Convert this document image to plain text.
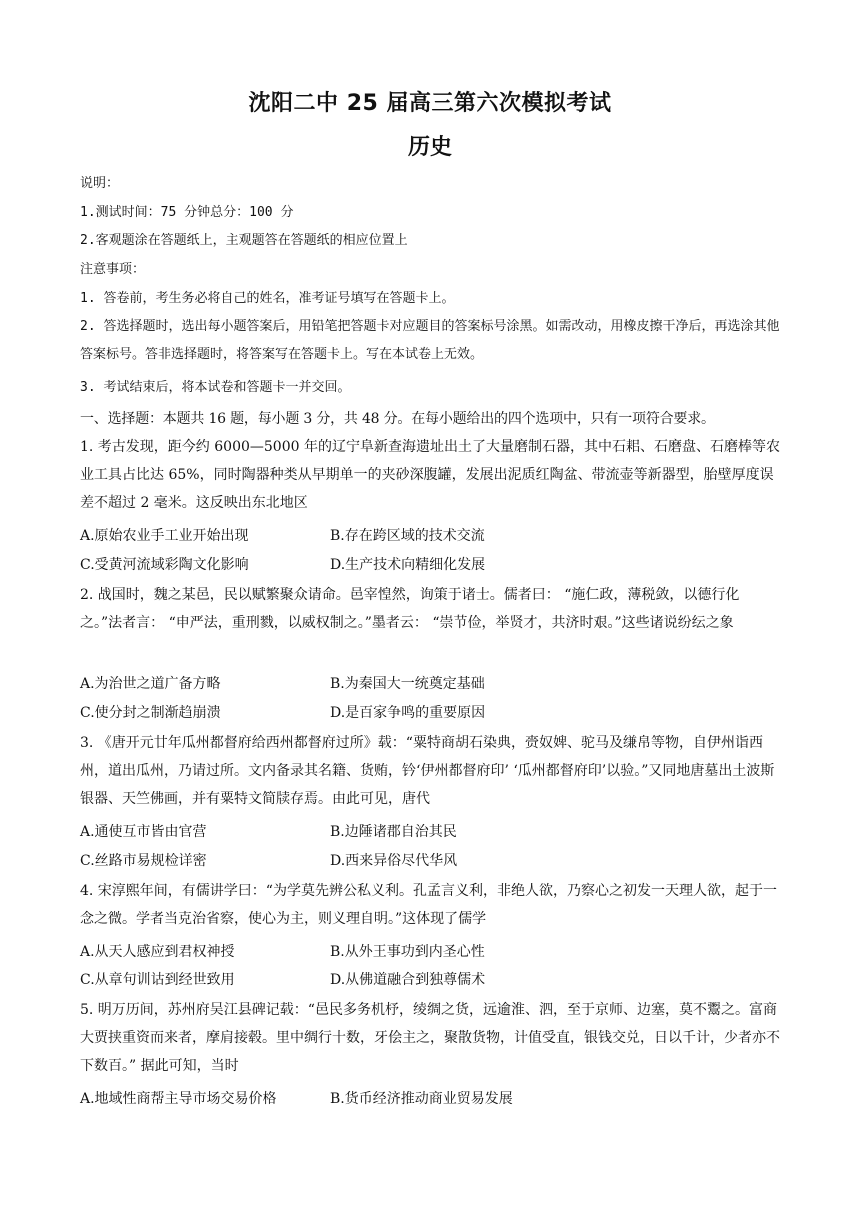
沈阳二中 25 届高三第六次模拟考试
历史
说明：
1.测试时间：75 分钟总分：100 分
2.客观题涂在答题纸上，主观题答在答题纸的相应位置上
注意事项：
1. 答卷前，考生务必将自己的姓名，准考证号填写在答题卡上。
2. 答选择题时，选出每小题答案后，用铅笔把答题卡对应题目的答案标号涂黑。如需改动，用橡皮擦干净后，再选涂其他答案标号。答非选择题时，将答案写在答题卡上。写在本试卷上无效。
3. 考试结束后，将本试卷和答题卡一并交回。
一、选择题：本题共 16 题，每小题 3 分，共 48 分。在每小题给出的四个选项中，只有一项符合要求。
1. 考古发现，距今约 6000—5000 年的辽宁阜新查海遗址出土了大量磨制石器，其中石耜、石磨盘、石磨棒等农业工具占比达 65%，同时陶器种类从早期单一的夹砂深腹罐，发展出泥质红陶盆、带流壶等新器型，胎壁厚度误差不超过 2 毫米。这反映出东北地区
A.原始农业手工业开始出现	B.存在跨区域的技术交流
C.受黄河流域彩陶文化影响	D.生产技术向精细化发展
2. 战国时，魏之某邑，民以赋繁聚众请命。邑宰惶然，询策于诸士。儒者曰： “施仁政，薄税敛，以德行化之。”法者言： “申严法，重刑戮，以威权制之。”墨者云： “崇节俭，举贤才，共济时艰。”这些诸说纷纭之象
A.为治世之道广备方略	B.为秦国大一统奠定基础
C.使分封之制渐趋崩溃	D.是百家争鸣的重要原因
3. 《唐开元廿年瓜州都督府给西州都督府过所》载：“粟特商胡石染典，赍奴婢、驼马及缣帛等物，自伊州诣西州，道出瓜州，乃请过所。文内备录其名籍、货贿，钤‘伊州都督府印’ ‘瓜州都督府印’以验。”又同地唐墓出土波斯银器、天竺佛画，并有粟特文简牍存焉。由此可见，唐代
A.通使互市皆由官营	B.边陲诸郡自治其民
C.丝路市易规检详密	D.西来异俗尽代华风
4. 宋淳熙年间，有儒讲学曰：“为学莫先辨公私义利。孔孟言义利，非绝人欲，乃察心之初发一天理人欲，起于一念之微。学者当克治省察，使心为主，则义理自明。”这体现了儒学
A.从天人感应到君权神授	B.从外王事功到内圣心性
C.从章句训诂到经世致用	D.从佛道融合到独尊儒术
5. 明万历间，苏州府吴江县碑记载：“邑民多务机杼，绫绸之货，远逾淮、泗，至于京师、边塞，莫不鬻之。富商大贾挟重资而来者，摩肩接毂。里中绸行十数，牙侩主之，聚散货物，计值受直，银钱交兑，日以千计，少者亦不下数百。” 据此可知，当时
A.地域性商帮主导市场交易价格	B.货币经济推动商业贸易发展
